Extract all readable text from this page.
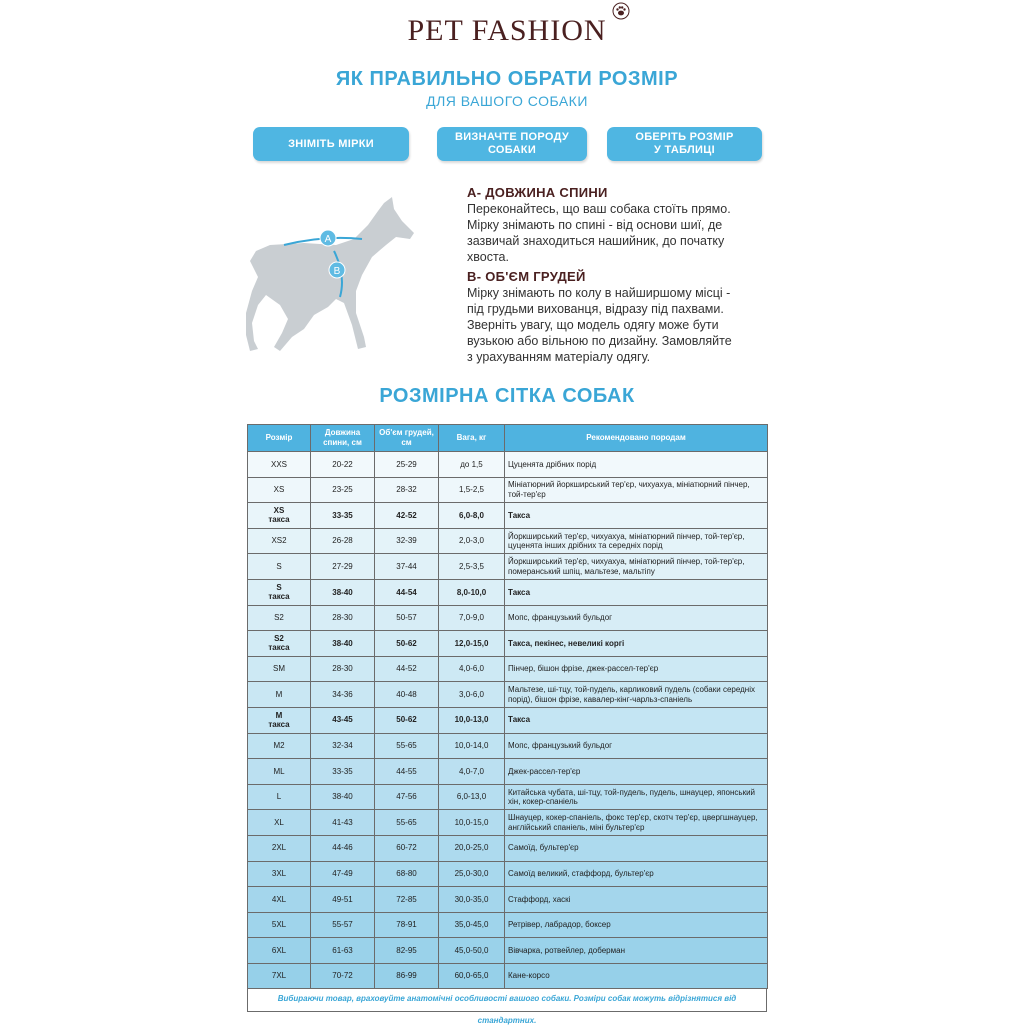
PET FASHION
ЯК ПРАВИЛЬНО ОБРАТИ РОЗМІР
ДЛЯ ВАШОГО СОБАКИ
ЗНІМІТЬ МІРКИ
ВИЗНАЧТЕ ПОРОДУ
СОБАКИ
ОБЕРІТЬ РОЗМІР
У ТАБЛИЦІ
A
B
А- ДОВЖИНА СПИНИ
Переконайтесь, що ваш собака стоїть прямо.
Мірку знімають по спині - від основи шиї, де
зазвичай знаходиться нашийник, до початку
хвоста.
В- ОБ'ЄМ ГРУДЕЙ
Мірку знімають по колу в найширшому місці -
під грудьми вихованця, відразу під пахвами.
Зверніть увагу, що модель одягу може бути
вузькою або вільною по дизайну. Замовляйте
з урахуванням матеріалу одягу.
РОЗМІРНА СІТКА СОБАК
Розмір	Довжина спини, см	Об'єм грудей, см	Вага, кг	Рекомендовано породам
XXS	20-22	25-29	до 1,5	Цуценята дрібних порід
XS	23-25	28-32	1,5-2,5	Мініатюрний йоркширський тер'єр, чихуахуа, мініатюрний пінчер, той-тер'єр

XS
такса	33-35	42-52	6,0-8,0	Такса
XS2	26-28	32-39	2,0-3,0	Йоркширський тер'єр, чихуахуа, мініатюрний пінчер, той-тер'єр, цуценята інших дрібних та середніх порід
S	27-29	37-44	2,5-3,5	Йоркширський тер'єр, чихуахуа, мініатюрний пінчер, той-тер'єр, померанський шпіц, мальтезе, мальтіпу

S
такса	38-40	44-54	8,0-10,0	Такса
S2	28-30	50-57	7,0-9,0	Мопс, французький бульдог

S2
такса	38-40	50-62	12,0-15,0	Такса, пекінес, невеликі коргі
SM	28-30	44-52	4,0-6,0	Пінчер, бішон фрізе, джек-рассел-тер'єр
M	34-36	40-48	3,0-6,0	Мальтезе, ші-тцу, той-пудель, карликовий пудель (собаки середніх порід), бішон фрізе, кавалер-кінг-чарльз-спаніель

M
такса	43-45	50-62	10,0-13,0	Такса
M2	32-34	55-65	10,0-14,0	Мопс, французький бульдог
ML	33-35	44-55	4,0-7,0	Джек-рассел-тер'єр
L	38-40	47-56	6,0-13,0	Китайська чубата, ші-тцу, той-пудель, пудель, шнауцер, японський хін, кокер-спаніель
XL	41-43	55-65	10,0-15,0	Шнауцер, кокер-спаніель, фокс тер'єр, скотч тер'єр, цвергшнауцер, англійський спаніель, міні бультер'єр
2XL	44-46	60-72	20,0-25,0	Самоїд, бультер'єр
3XL	47-49	68-80	25,0-30,0	Самоїд великий, стаффорд, бультер'єр
4XL	49-51	72-85	30,0-35,0	Стаффорд, хаскі
5XL	55-57	78-91	35,0-45,0	Ретрівер, лабрадор, боксер
6XL	61-63	82-95	45,0-50,0	Вівчарка, ротвейлер, доберман
7XL	70-72	86-99	60,0-65,0	Кане-корсо
Вибираючи товар, враховуйте анатомічні особливості вашого собаки. Розміри собак можуть відрізнятися від стандартних.
